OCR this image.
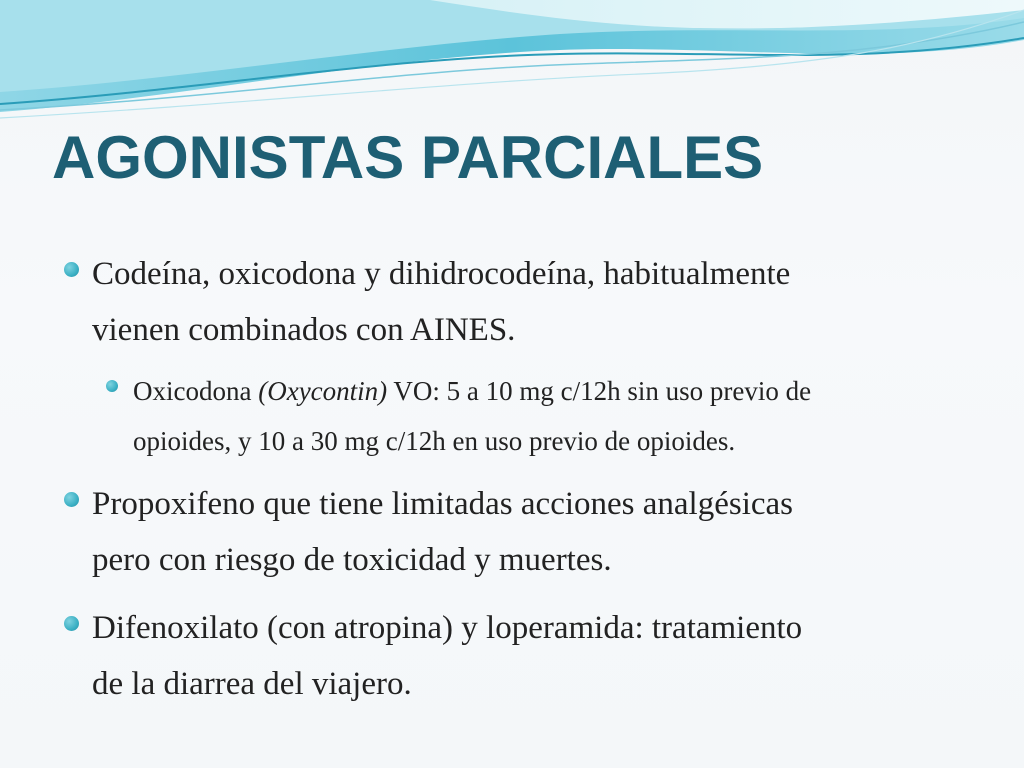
AGONISTAS PARCIALES
Codeína, oxicodona y dihidrocodeína, habitualmente
vienen combinados con AINES.
Oxicodona (Oxycontin) VO: 5 a 10 mg c/12h sin uso previo de
opioides, y 10 a 30 mg c/12h en uso previo de opioides.
Propoxifeno que tiene limitadas acciones analgésicas
pero con riesgo de toxicidad y muertes.
Difenoxilato (con atropina) y loperamida: tratamiento
de la diarrea del viajero.
